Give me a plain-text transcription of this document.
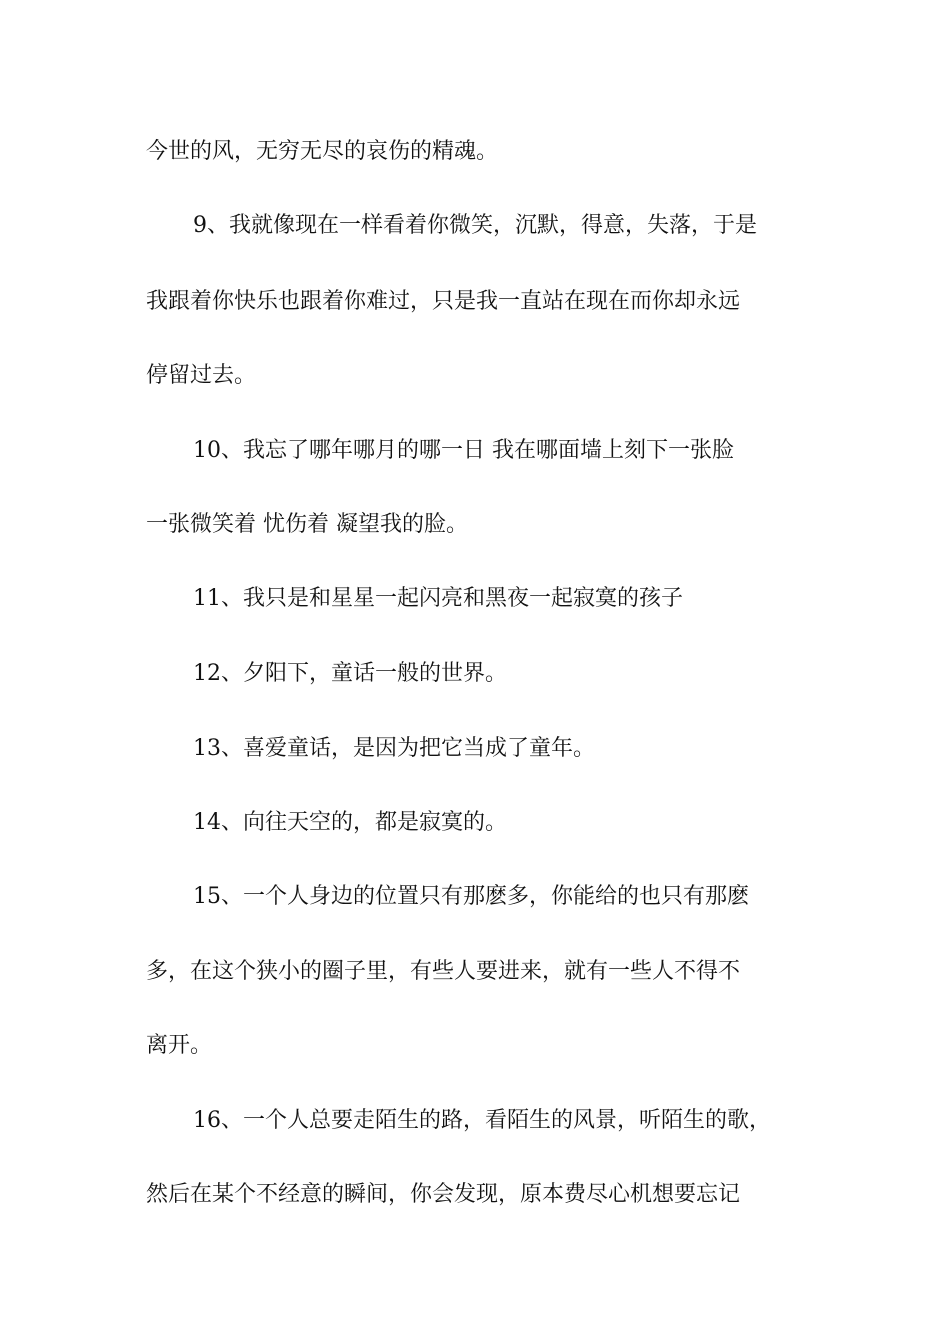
今世的风，无穷无尽的哀伤的精魂。
9、我就像现在一样看着你微笑，沉默，得意，失落，于是
我跟着你快乐也跟着你难过，只是我一直站在现在而你却永远
停留过去。
10、我忘了哪年哪月的哪一日 我在哪面墙上刻下一张脸
一张微笑着 忧伤着 凝望我的脸。
11、我只是和星星一起闪亮和黑夜一起寂寞的孩子
12、夕阳下，童话一般的世界。
13、喜爱童话，是因为把它当成了童年。
14、向往天空的，都是寂寞的。
15、一个人身边的位置只有那麽多，你能给的也只有那麽
多，在这个狭小的圈子里，有些人要进来，就有一些人不得不
离开。
16、一个人总要走陌生的路，看陌生的风景，听陌生的歌，
然后在某个不经意的瞬间，你会发现，原本费尽心机想要忘记
